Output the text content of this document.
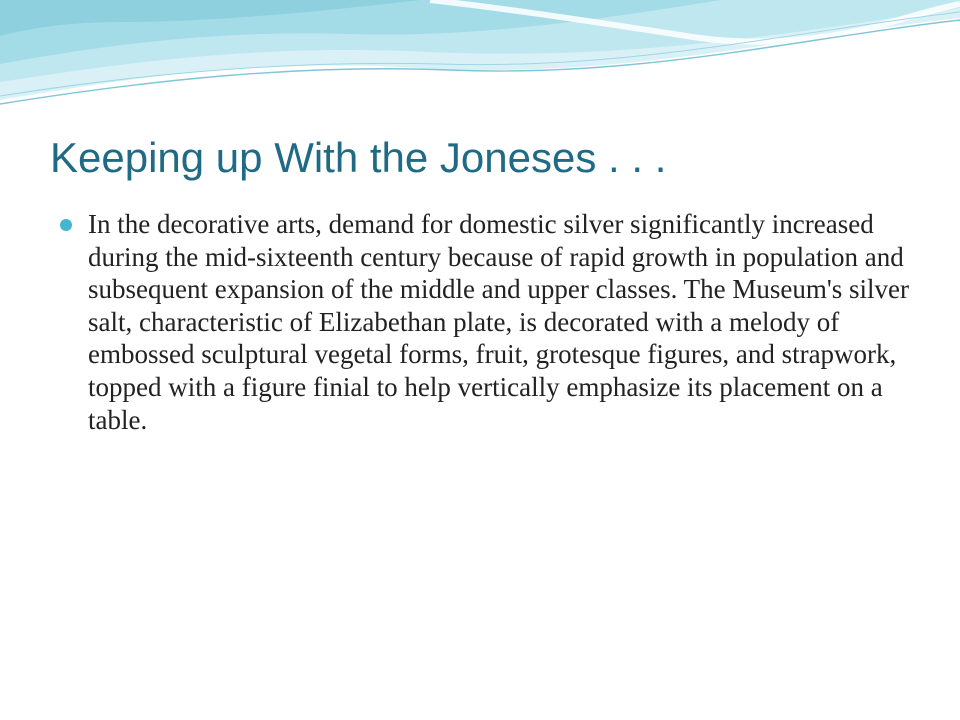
Keeping up With the Joneses . . .
In the decorative arts, demand for domestic silver significantly increased during the mid-sixteenth century because of rapid growth in population and subsequent expansion of the middle and upper classes. The Museum's silver salt, characteristic of Elizabethan plate, is decorated with a melody of embossed sculptural vegetal forms, fruit, grotesque figures, and strapwork, topped with a figure finial to help vertically emphasize its placement on a table.
